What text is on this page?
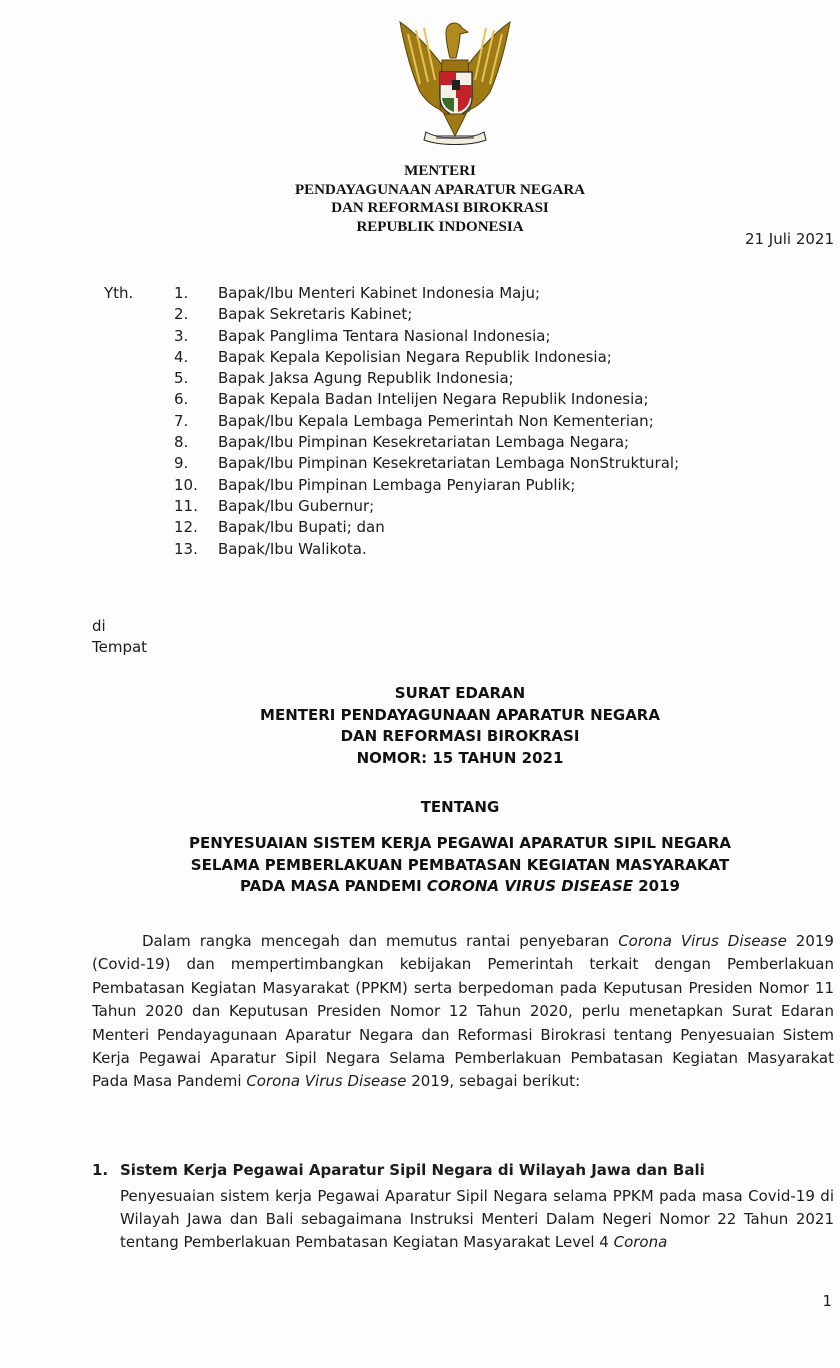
MENTERI
PENDAYAGUNAAN APARATUR NEGARA
DAN REFORMASI BIROKRASI
REPUBLIK INDONESIA
21 Juli 2021
Yth.	1.	Bapak/Ibu Menteri Kabinet Indonesia Maju;
2.	Bapak Sekretaris Kabinet;
3.	Bapak Panglima Tentara Nasional Indonesia;
4.	Bapak Kepala Kepolisian Negara Republik Indonesia;
5.	Bapak Jaksa Agung Republik Indonesia;
6.	Bapak Kepala Badan Intelijen Negara Republik Indonesia;
7.	Bapak/Ibu Kepala Lembaga Pemerintah Non Kementerian;
8.	Bapak/Ibu Pimpinan Kesekretariatan Lembaga Negara;
9.	Bapak/Ibu Pimpinan Kesekretariatan Lembaga NonStruktural;
10.	Bapak/Ibu Pimpinan Lembaga Penyiaran Publik;
11.	Bapak/Ibu Gubernur;
12.	Bapak/Ibu Bupati; dan
13.	Bapak/Ibu Walikota.
di
Tempat
SURAT EDARAN
MENTERI PENDAYAGUNAAN APARATUR NEGARA
DAN REFORMASI BIROKRASI
NOMOR: 15 TAHUN 2021
TENTANG
PENYESUAIAN SISTEM KERJA PEGAWAI APARATUR SIPIL NEGARA
SELAMA PEMBERLAKUAN PEMBATASAN KEGIATAN MASYARAKAT
PADA MASA PANDEMI CORONA VIRUS DISEASE 2019

Dalam rangka mencegah dan memutus rantai penyebaran Corona Virus Disease 2019 (Covid-19) dan mempertimbangkan kebijakan Pemerintah terkait dengan Pemberlakuan Pembatasan Kegiatan Masyarakat (PPKM) serta berpedoman pada Keputusan Presiden Nomor 11 Tahun 2020 dan Keputusan Presiden Nomor 12 Tahun 2020, perlu menetapkan Surat Edaran Menteri Pendayagunaan Aparatur Negara dan Reformasi Birokrasi tentang Penyesuaian Sistem Kerja Pegawai Aparatur Sipil Negara Selama Pemberlakuan Pembatasan Kegiatan Masyarakat Pada Masa Pandemi Corona Virus Disease 2019, sebagai berikut:

1. Sistem Kerja Pegawai Aparatur Sipil Negara di Wilayah Jawa dan Bali

Penyesuaian sistem kerja Pegawai Aparatur Sipil Negara selama PPKM pada masa Covid-19 di Wilayah Jawa dan Bali sebagaimana Instruksi Menteri Dalam Negeri Nomor 22 Tahun 2021 tentang Pemberlakuan Pembatasan Kegiatan Masyarakat Level 4 Corona

1
